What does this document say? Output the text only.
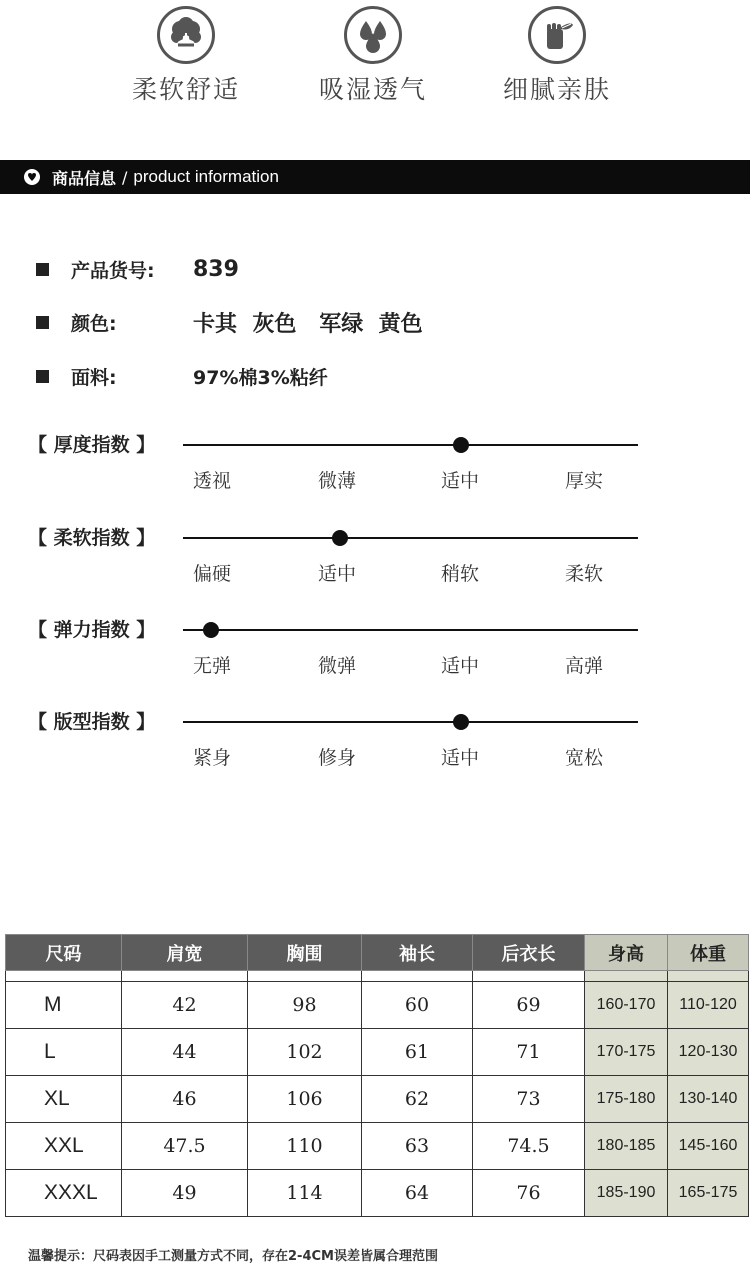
柔软舒适	吸湿透气	细腻亲肤
商品信息 / product information
产品货号:	839
颜色:	卡其  灰色   军绿  黄色
面料:	97%棉3%粘纤
【 厚度指数 】
透视	微薄	适中	厚实
【 柔软指数 】
偏硬	适中	稍软	柔软
【 弹力指数 】
无弹	微弹	适中	高弹
【 版型指数 】
紧身	修身	适中	宽松
尺码	肩宽	胸围	袖长	后衣长	身高	体重

M	42	98	60	69	160-170	110-120
L	44	102	61	71	170-175	120-130
XL	46	106	62	73	175-180	130-140
XXL	47.5	110	63	74.5	180-185	145-160
XXXL	49	114	64	76	185-190	165-175
温馨提示：尺码表因手工测量方式不同，存在2-4CM误差皆属合理范围
